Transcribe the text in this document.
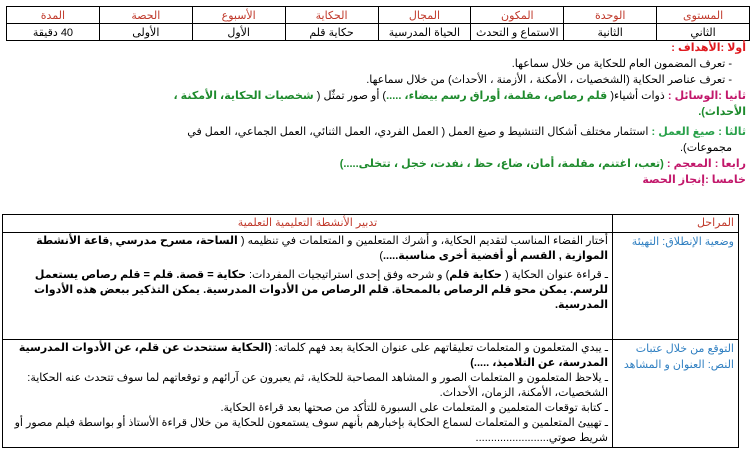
المستوى	الوحدة	المكون	المجال	الحكاية	الأسبوع	الحصة	المدة
الثاني	الثانية	الاستماع و التحدث	الحياة المدرسية	حكاية قلم	الأول	الأولى	40 دقيقة
أولا :الأهداف :
- تعرف المضمون العام للحكاية من خلال سماعها.
- تعرف عناصر الحكاية (الشخصيات ، الأمكنة ، الأزمنة ، الأحداث) من خلال سماعها.
ثانيا :الوسائل : ذوات أشياء( قلم رصاص، مقلمة، أوراق رسم بيضاء، .....) أو صور تمثّل ( شخصيات الحكاية، الأمكنة ،
الأحداث).
ثالثا : صيغ العمل : استثمار مختلف أشكال التنشيط و صيغ العمل ( العمل الفردي، العمل الثنائي، العمل الجماعي، العمل في
مجموعات).
رابعا : المعجم : (تعب، اغتنم، مقلمة، أمان، ضاع، حظ ، نفدت، خجل ، تتخلى.....)
خامسا :إنجاز الحصة
المراحل	تدبير الأنشطة التعليمية التعلمية
وضعية الإنطلاق: التهيئة	أختار الفضاء المناسب لتقديم الحكاية، و أشرك المتعلمين و المتعلمات في تنظيمه ( الساحة، مسرح مدرسي ,قاعة الأنشطة الموازية , القسم أو أفضية أخرى مناسبة.....)

ـ قراءة عنوان الحكاية ( حكاية قلم) و شرحه وفق إحدى استراتيجيات المفردات: حكاية = قصة. قلم = قلم رصاص يستعمل للرسم. يمكن محو قلم الرصاص بالممحاة. قلم الرصاص من الأدوات المدرسية. يمكن التذكير ببعض هذه الأدوات المدرسية.

التوقع من خلال عتبات النص: العنوان و المشاهد	ـ يبدي المتعلمون و المتعلمات تعليقاتهم على عنوان الحكاية بعد فهم كلماته: (الحكاية ستتحدث عن قلم، عن الأدوات المدرسية المدرسة، عن التلاميذ، .....)

ـ يلاحظ المتعلمون و المتعلمات الصور و المشاهد المصاحبة للحكاية، ثم يعبرون عن آرائهم و توقعاتهم لما سوف تتحدث عنه الحكاية: الشخصيات، الأمكنة، الزمان، الأحداث.

ـ كتابة توقعات المتعلمين و المتعلمات على السبورة للتأكد من صحتها بعد قراءة الحكاية.

ـ تهييئ المتعلمين و المتعلمات لسماع الحكاية بإخبارهم بأنهم سوف يستمعون للحكاية من خلال قراءة الأستاذ أو بواسطة فيلم مصور أو شريط صوتي........................
